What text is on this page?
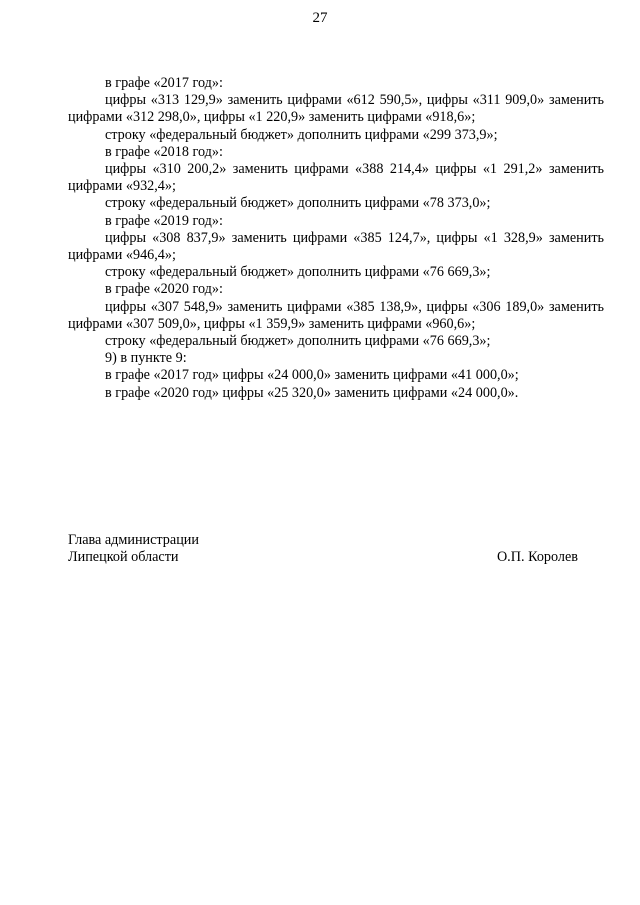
27

в графе «2017 год»:

цифры «313 129,9» заменить цифрами «612 590,5», цифры «311 909,0» заменить цифрами «312 298,0», цифры «1 220,9» заменить цифрами «918,6»;

строку «федеральный бюджет» дополнить цифрами «299 373,9»;

в графе «2018 год»:

цифры «310 200,2» заменить цифрами «388 214,4» цифры «1 291,2» заменить цифрами «932,4»;

строку «федеральный бюджет» дополнить цифрами «78 373,0»;

в графе «2019 год»:

цифры «308 837,9» заменить цифрами «385 124,7», цифры «1 328,9» заменить цифрами «946,4»;

строку «федеральный бюджет» дополнить цифрами «76 669,3»;

в графе «2020 год»:

цифры «307 548,9» заменить цифрами «385 138,9», цифры «306 189,0» заменить цифрами «307 509,0», цифры «1 359,9» заменить цифрами «960,6»;

строку «федеральный бюджет» дополнить цифрами «76 669,3»;

9) в пункте 9:

в графе «2017 год» цифры «24 000,0» заменить цифрами «41 000,0»;

в графе «2020 год» цифры «25 320,0» заменить цифрами «24 000,0».

Глава администрации
Липецкой области	О.П. Королев
